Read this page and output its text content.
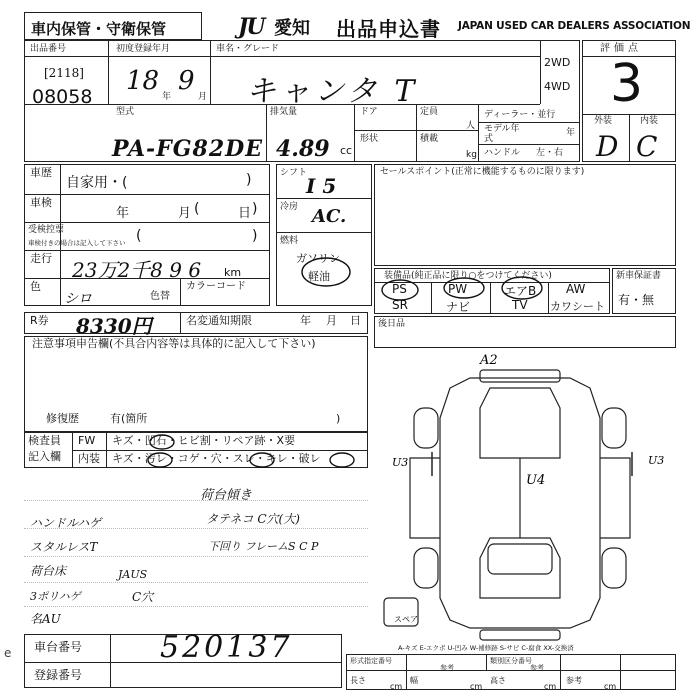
車内保管・守衛保管	JU 愛知 出品申込書 JAPAN USED CAR DEALERS ASSOCIATION
出品番号
[2118]
08058
初度登録年月
18
年
9
月
車名・グレード
キャンタ T
2WD
4WD
型式
PA-FG82DE
排気量
4.89 cc
ドア	定員
人
形状	積載
kg
ディーラー・並行
モデル年式
年
ハンドル 左・右
評価点
3
外装	内装
D C
車歴
自家用・(	)
車検
年	月 (	日 )
受検控票
車検付きの場合は記入して下さい (	)
走行 23万2千8 9 6 km
色
シロ	色替
カラーコード
シフト
I 5
冷房 AC.
燃料
ガソリン
軽油
セールスポイント(正常に機能するものに限ります)
装備品(純正品に限り○をつけてください)
PS	PW	エアB AW
SR	ナビ	TV カワシート
新車保証書
有・無
R券 8330円	名変通知期限	年 月 日 後日品
注意事項申告欄(不具合内容等は具体的に記入して下さい)
修復歴	有(箇所	)
検査員
記入欄
FW キズ・凹石・ヒビ割・リペア跡・X要
内装 キズ・汚レ・コゲ・穴・スレ・キレ・破レ
荷台傾き
ハンドルハゲ	タテネコ C穴(大)
スタルレスT	下回り フレームS C P
荷台床	JAUS
C穴
3ポリハゲ
名AU
A2
U3	U3
U4
スペア
A-キズ E-エクボ U-凹み W-補修跡 S-サビ C-腐食 XX-交換済
車台番号	520137
登録番号
e
形式指定番号
参考
類別区分番号
参考
長さ
cm
幅
cm
高さ
cm
参考
cm
